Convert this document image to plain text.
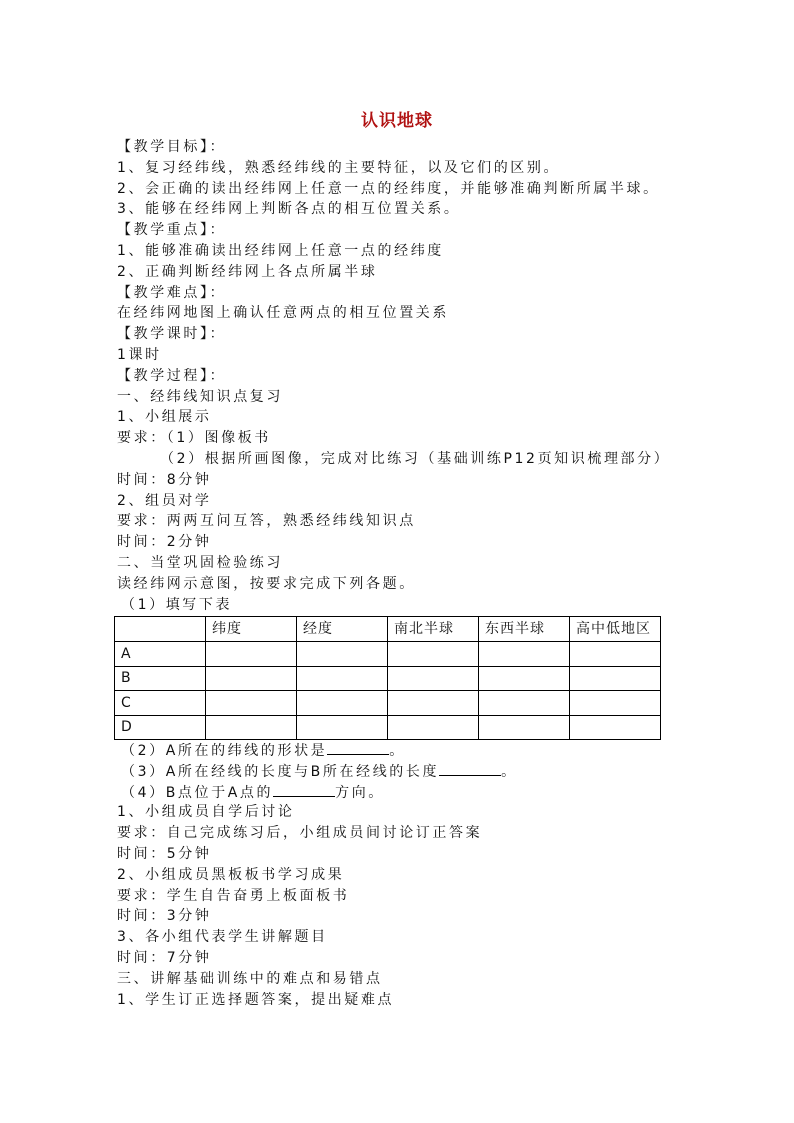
认识地球
【教学目标】：
1、复习经纬线，熟悉经纬线的主要特征，以及它们的区别。
2、会正确的读出经纬网上任意一点的经纬度，并能够准确判断所属半球。
3、能够在经纬网上判断各点的相互位置关系。
【教学重点】：
1、能够准确读出经纬网上任意一点的经纬度
2、正确判断经纬网上各点所属半球
【教学难点】：
在经纬网地图上确认任意两点的相互位置关系
【教学课时】：
1课时
【教学过程】：
一、经纬线知识点复习
1、小组展示
要求：（1）图像板书
（2）根据所画图像，完成对比练习（基础训练P12页知识梳理部分）
时间：8分钟
2、组员对学
要求：两两互问互答，熟悉经纬线知识点
时间：2分钟
二、当堂巩固检验练习
读经纬网示意图，按要求完成下列各题。
（1）填写下表
	纬度	经度	南北半球	东西半球	高中低地区
A					
B					
C					
D					
（2）A所在的纬线的形状是	。
（3）A所在经线的长度与B所在经线的长度	。
（4）B点位于A点的	方向。
1、小组成员自学后讨论
要求：自己完成练习后，小组成员间讨论订正答案
时间：5分钟
2、小组成员黑板板书学习成果
要求：学生自告奋勇上板面板书
时间：3分钟
3、各小组代表学生讲解题目
时间：7分钟
三、讲解基础训练中的难点和易错点
1、学生订正选择题答案，提出疑难点
